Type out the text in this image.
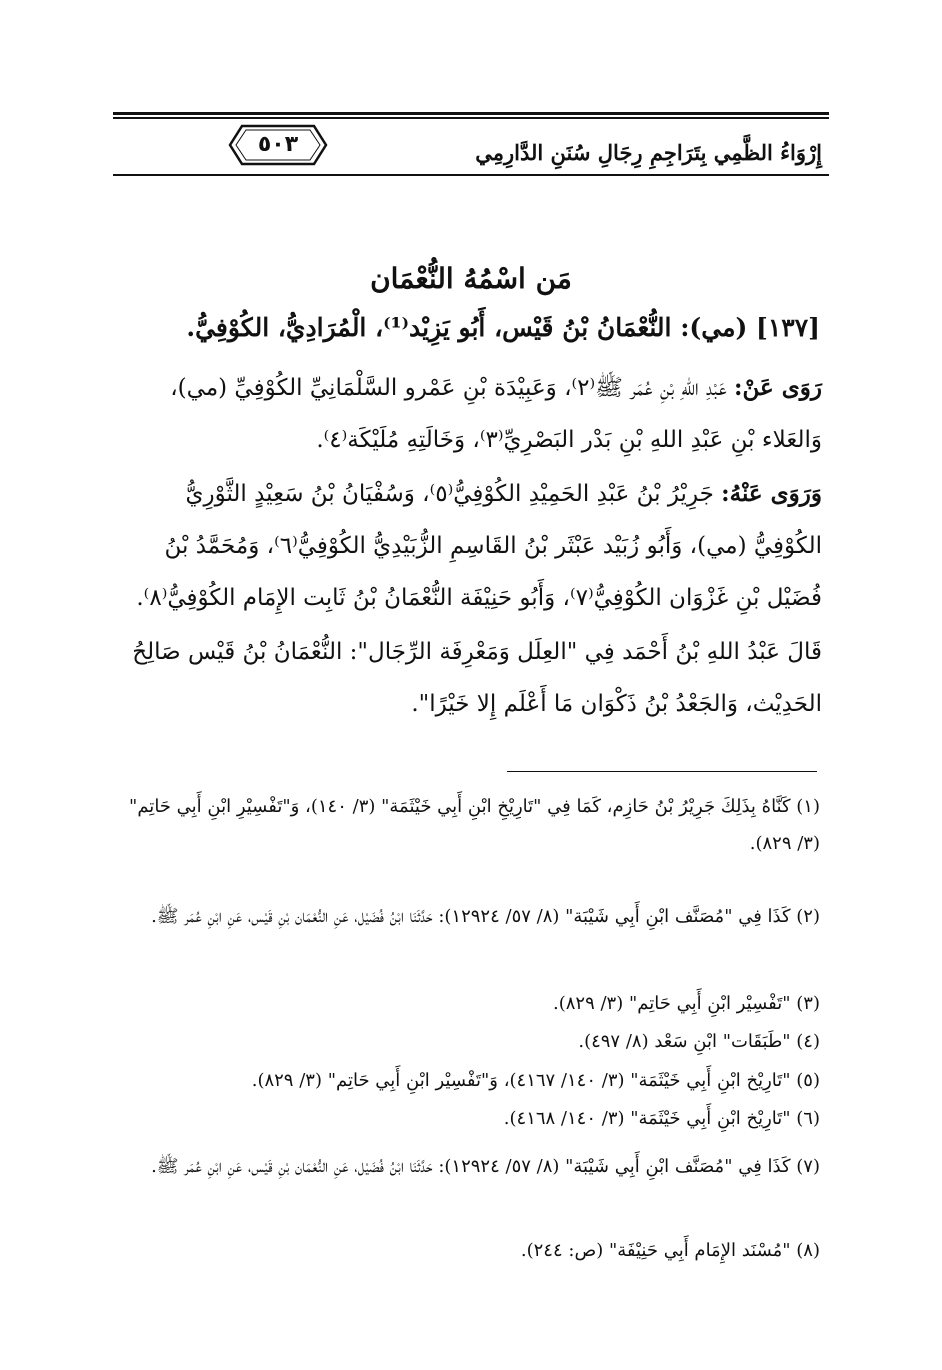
٥٠٣	إِرْوَاءُ الظَّمِي بِتَرَاجِمِ رِجَالِ سُنَنِ الدَّارِمِي
مَن اسْمُهُ النُّعْمَان
[١٣٧] (مي): النُّعْمَانُ بْنُ قَيْس، أَبُو يَزِيْد⁽¹⁾، الْمُرَادِيُّ، الكُوْفِيُّ.
رَوَى عَنْ: عَبْدِ اللهِ بْنِ عُمَر ﷺ⁽٢⁾، وَعَبِيْدَة بْنِ عَمْرو السَّلْمَانِيِّ الكُوْفِيِّ (مي)، وَالعَلاء بْنِ عَبْدِ اللهِ بْنِ بَدْر البَصْرِيِّ⁽٣⁾، وَخَالَتِهِ مُلَيْكَة⁽٤⁾.
وَرَوَى عَنْهُ: جَرِيْرُ بْنُ عَبْدِ الحَمِيْدِ الكُوْفِيُّ⁽٥⁾، وَسُفْيَانُ بْنُ سَعِيْدٍ الثَّوْرِيُّ الكُوْفِيُّ (مي)، وَأَبُو زُبَيْد عَبْثَر بْنُ القَاسِمِ الزُّبَيْدِيُّ الكُوْفِيُّ⁽٦⁾، وَمُحَمَّدُ بْنُ فُضَيْل بْنِ غَزْوَان الكُوْفِيُّ⁽٧⁾، وَأَبُو حَنِيْفَة النُّعْمَانُ بْنُ ثَابِت الإِمَام الكُوْفِيُّ⁽٨⁾.
قَالَ عَبْدُ اللهِ بْنُ أَحْمَد فِي "العِلَل وَمَعْرِفَة الرِّجَال": النُّعْمَانُ بْنُ قَيْس صَالِحُ الحَدِيْث، وَالجَعْدُ بْنُ ذَكْوَان مَا أَعْلَم إِلا خَيْرًا".
(١) كَنَّاهُ بِذَلِكَ جَرِيْرُ بْنُ حَازِم، كَمَا فِي "تَارِيْخِ ابْنِ أَبِي خَيْثَمَة" (٣/ ١٤٠)، وَ"تَفْسِيْرِ ابْنِ أَبِي حَاتِم" (٣/ ٨٢٩).
(٢) كَذَا فِي "مُصَنَّف ابْنِ أَبِي شَيْبَة" (٨/ ٥٧/ ١٢٩٢٤): حَدَّثَنَا ابْنُ فُضَيْل، عَنِ النُّعْمَان بْنِ قَيْس، عَنِ ابْنِ عُمَر ﷺ.
(٣) "تَفْسِيْر ابْنِ أَبِي حَاتِم" (٣/ ٨٢٩).
(٤) "طَبَقَات" ابْنِ سَعْد (٨/ ٤٩٧).
(٥) "تَارِيْخ ابْنِ أَبِي خَيْثَمَة" (٣/ ١٤٠/ ٤١٦٧)، وَ"تَفْسِيْر ابْنِ أَبِي حَاتِم" (٣/ ٨٢٩).
(٦) "تَارِيْخ ابْنِ أَبِي خَيْثَمَة" (٣/ ١٤٠/ ٤١٦٨).
(٧) كَذَا فِي "مُصَنَّف ابْنِ أَبِي شَيْبَة" (٨/ ٥٧/ ١٢٩٢٤): حَدَّثَنَا ابْنُ فُضَيْل، عَنِ النُّعْمَان بْنِ قَيْس، عَنِ ابْنِ عُمَر ﷺ.
(٨) "مُسْنَد الإِمَام أَبِي حَنِيْفَة" (ص: ٢٤٤).
